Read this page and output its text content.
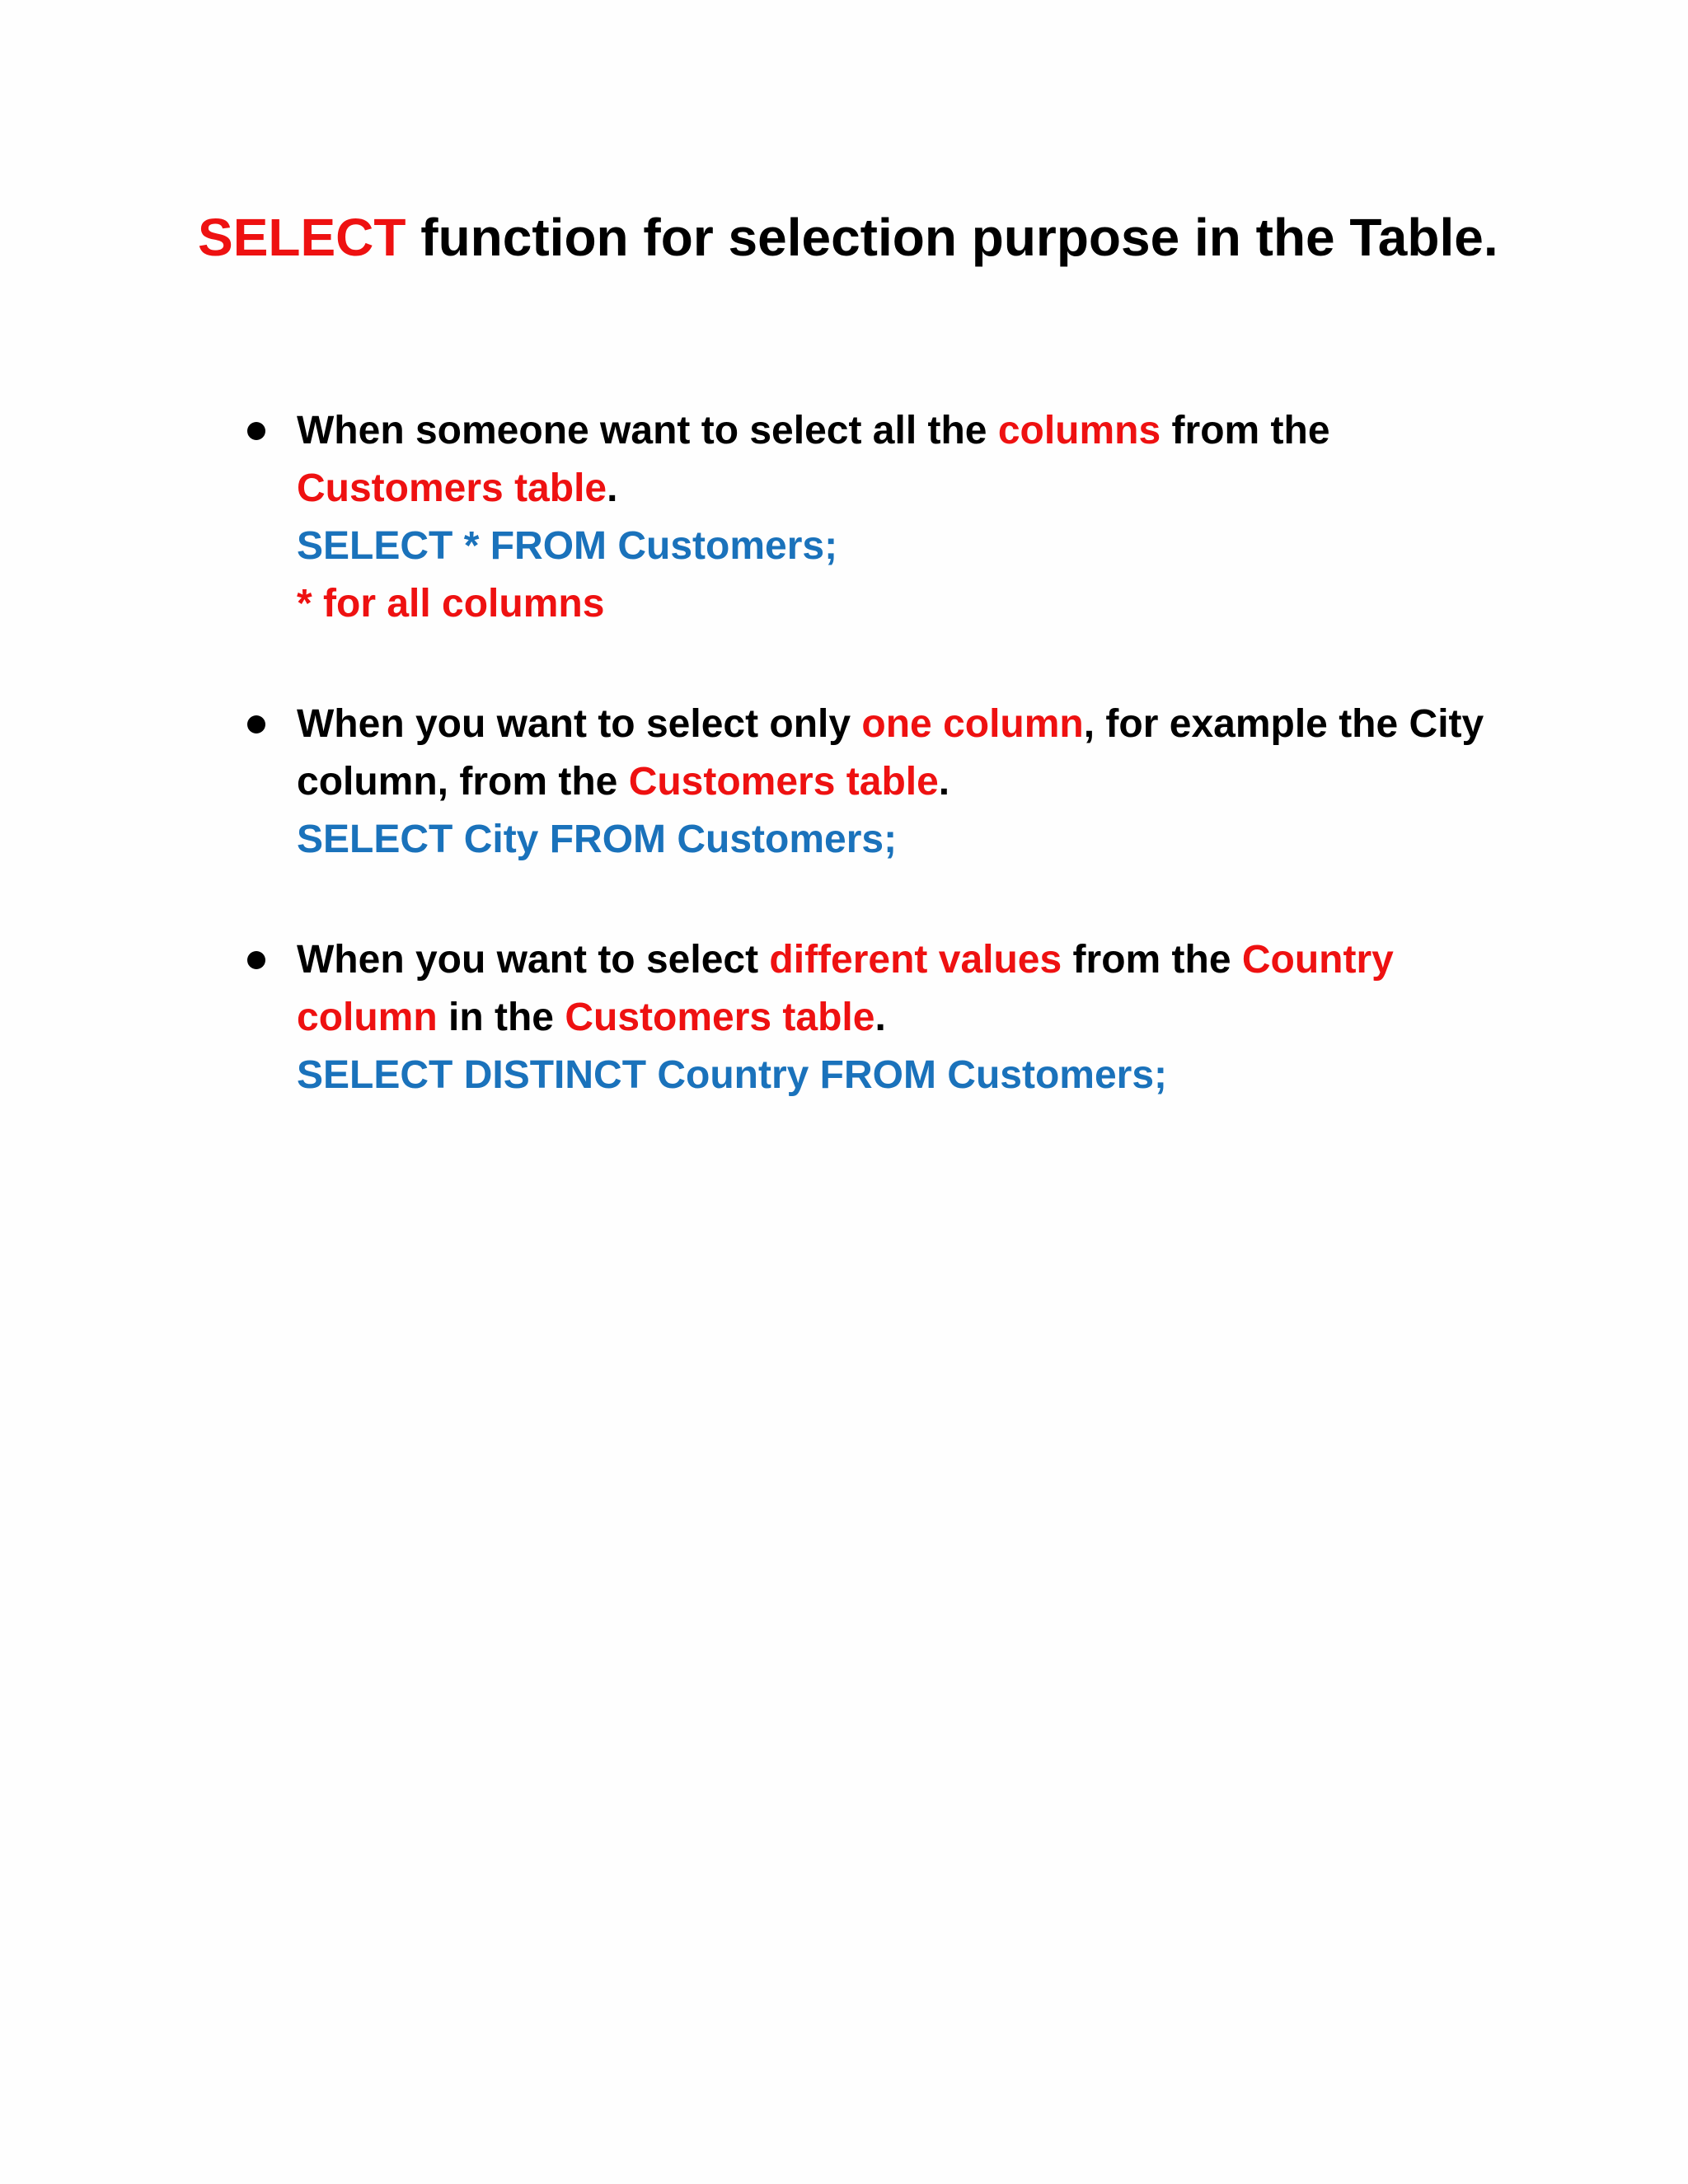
SELECT function for selection purpose in the Table.
When someone want to select all the columns from the
Customers table.
SELECT * FROM Customers;
* for all columns
When you want to select only one column, for example the City
column, from the Customers table.
SELECT City FROM Customers;
When you want to select different values from the Country
column in the Customers table.
SELECT DISTINCT Country FROM Customers;
